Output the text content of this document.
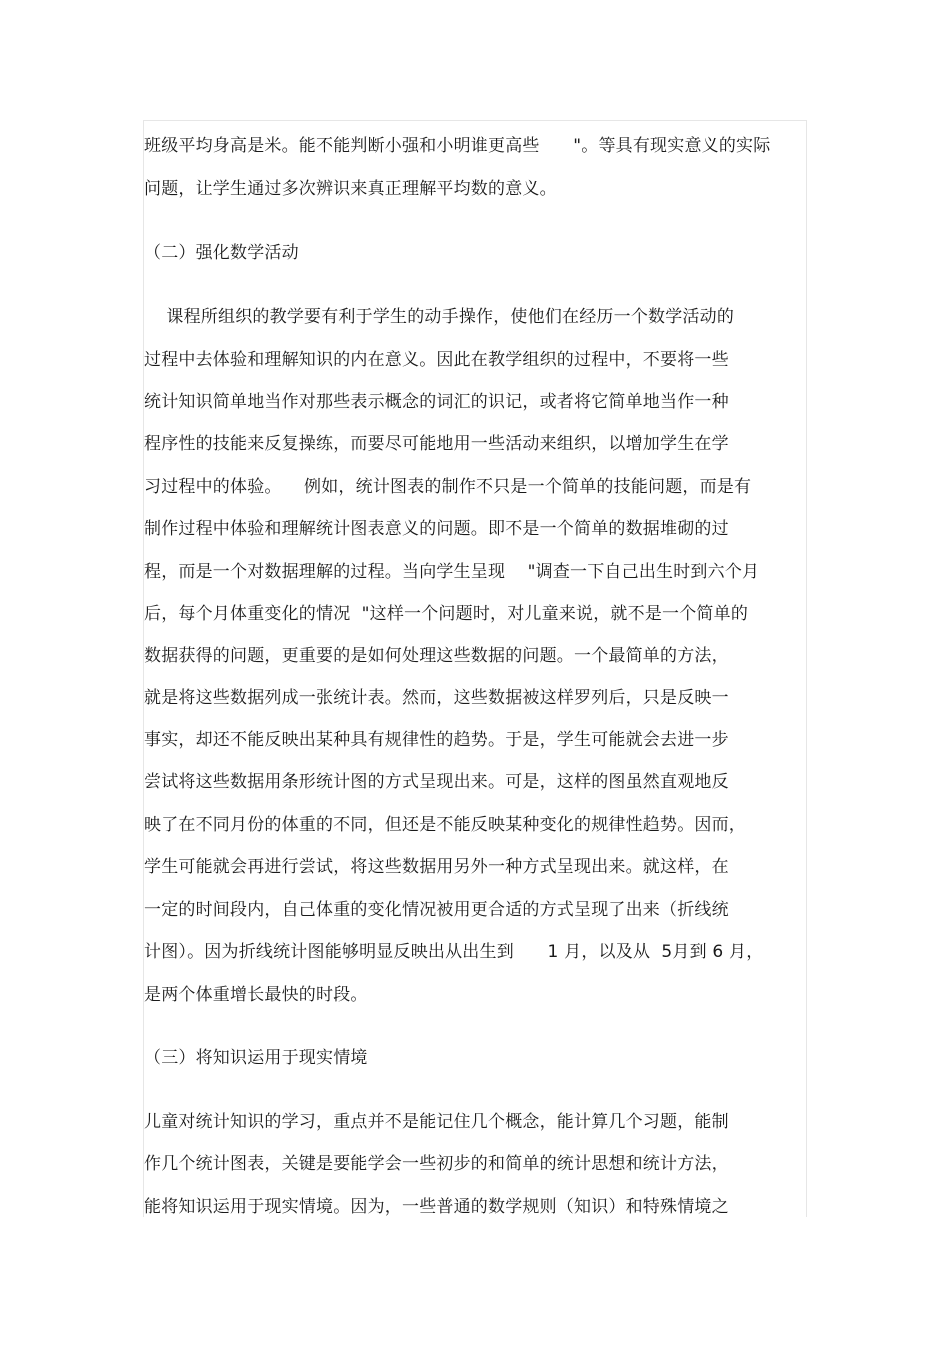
班级平均身高是米。能不能判断小强和小明谁更高些      "。等具有现实意义的实际
问题，让学生通过多次辨识来真正理解平均数的意义。
（二）强化数学活动
课程所组织的教学要有利于学生的动手操作，使他们在经历一个数学活动的
过程中去体验和理解知识的内在意义。因此在教学组织的过程中，不要将一些
统计知识简单地当作对那些表示概念的词汇的识记，或者将它简单地当作一种
程序性的技能来反复操练，而要尽可能地用一些活动来组织，以增加学生在学
习过程中的体验。    例如，统计图表的制作不只是一个简单的技能问题，而是有
制作过程中体验和理解统计图表意义的问题。即不是一个简单的数据堆砌的过
程，而是一个对数据理解的过程。当向学生呈现    "调查一下自己出生时到六个月
后，每个月体重变化的情况  "这样一个问题时，对儿童来说，就不是一个简单的
数据获得的问题，更重要的是如何处理这些数据的问题。一个最简单的方法，
就是将这些数据列成一张统计表。然而，这些数据被这样罗列后，只是反映一
事实，却还不能反映出某种具有规律性的趋势。于是，学生可能就会去进一步
尝试将这些数据用条形统计图的方式呈现出来。可是，这样的图虽然直观地反
映了在不同月份的体重的不同，但还是不能反映某种变化的规律性趋势。因而，
学生可能就会再进行尝试，将这些数据用另外一种方式呈现出来。就这样，在
一定的时间段内，自己体重的变化情况被用更合适的方式呈现了出来（折线统
计图）。因为折线统计图能够明显反映出从出生到      1 月，以及从  5月到 6 月，
是两个体重增长最快的时段。
（三）将知识运用于现实情境
儿童对统计知识的学习，重点并不是能记住几个概念，能计算几个习题，能制
作几个统计图表，关键是要能学会一些初步的和简单的统计思想和统计方法，
能将知识运用于现实情境。因为，一些普通的数学规则（知识）和特殊情境之
